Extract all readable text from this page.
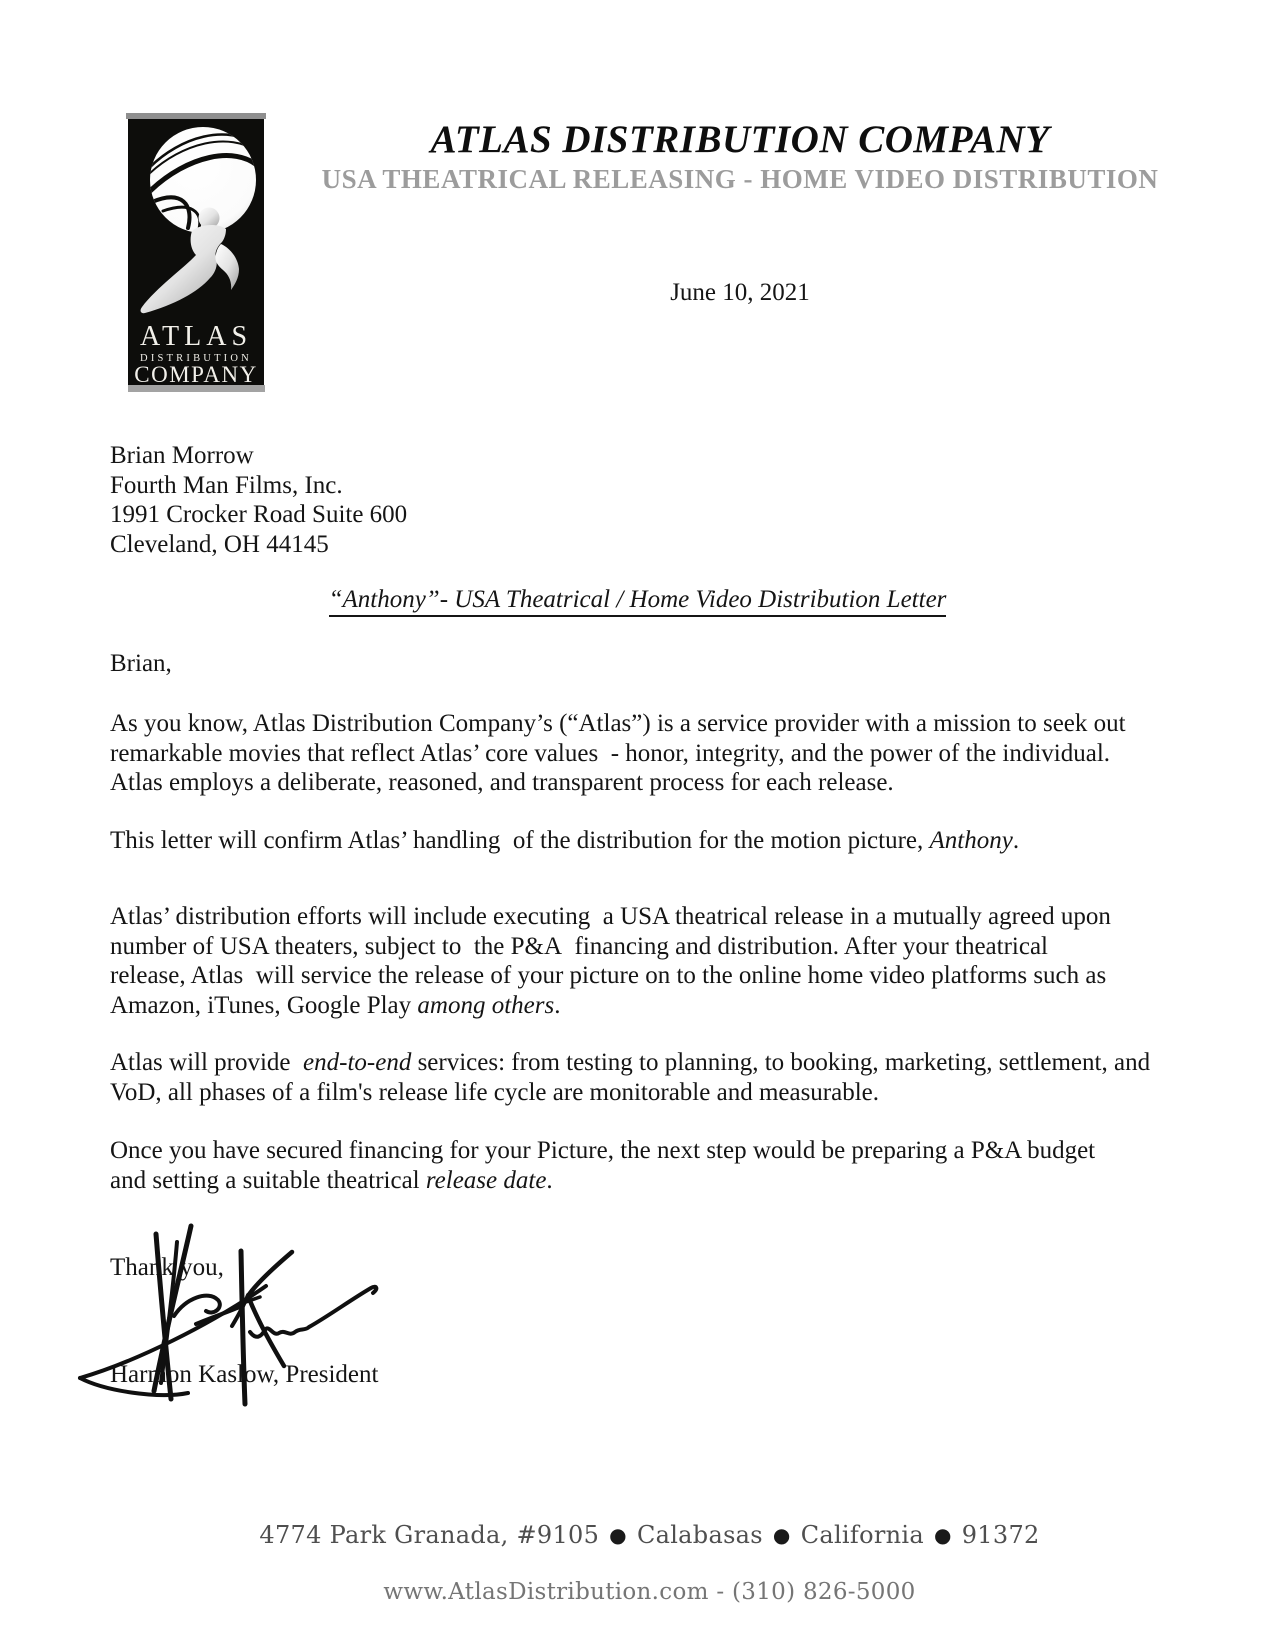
ATLAS
DISTRIBUTION
COMPANY
ATLAS DISTRIBUTION COMPANY
USA THEATRICAL RELEASING - HOME VIDEO DISTRIBUTION
June 10, 2021
Brian Morrow
Fourth Man Films, Inc.
1991 Crocker Road Suite 600
Cleveland, OH 44145
“Anthony”- USA Theatrical / Home Video Distribution Letter
Brian,
As you know, Atlas Distribution Company’s (“Atlas”) is a service provider with a mission to seek out
remarkable movies that reflect Atlas’ core values  - honor, integrity, and the power of the individual.
Atlas employs a deliberate, reasoned, and transparent process for each release.
This letter will confirm Atlas’ handling  of the distribution for the motion picture, Anthony.
Atlas’ distribution efforts will include executing  a USA theatrical release in a mutually agreed upon
number of USA theaters, subject to  the P&A  financing and distribution. After your theatrical
release, Atlas  will service the release of your picture on to the online home video platforms such as
Amazon, iTunes, Google Play among others.
Atlas will provide  end-to-end services: from testing to planning, to booking, marketing, settlement, and
VoD, all phases of a film's release life cycle are monitorable and measurable.
Once you have secured financing for your Picture, the next step would be preparing a P&A budget
and setting a suitable theatrical release date.
Thank you,
Harmon Kaslow, President
4774 Park Granada, #9105 ● Calabasas ● California ● 91372
www.AtlasDistribution.com - (310) 826-5000
